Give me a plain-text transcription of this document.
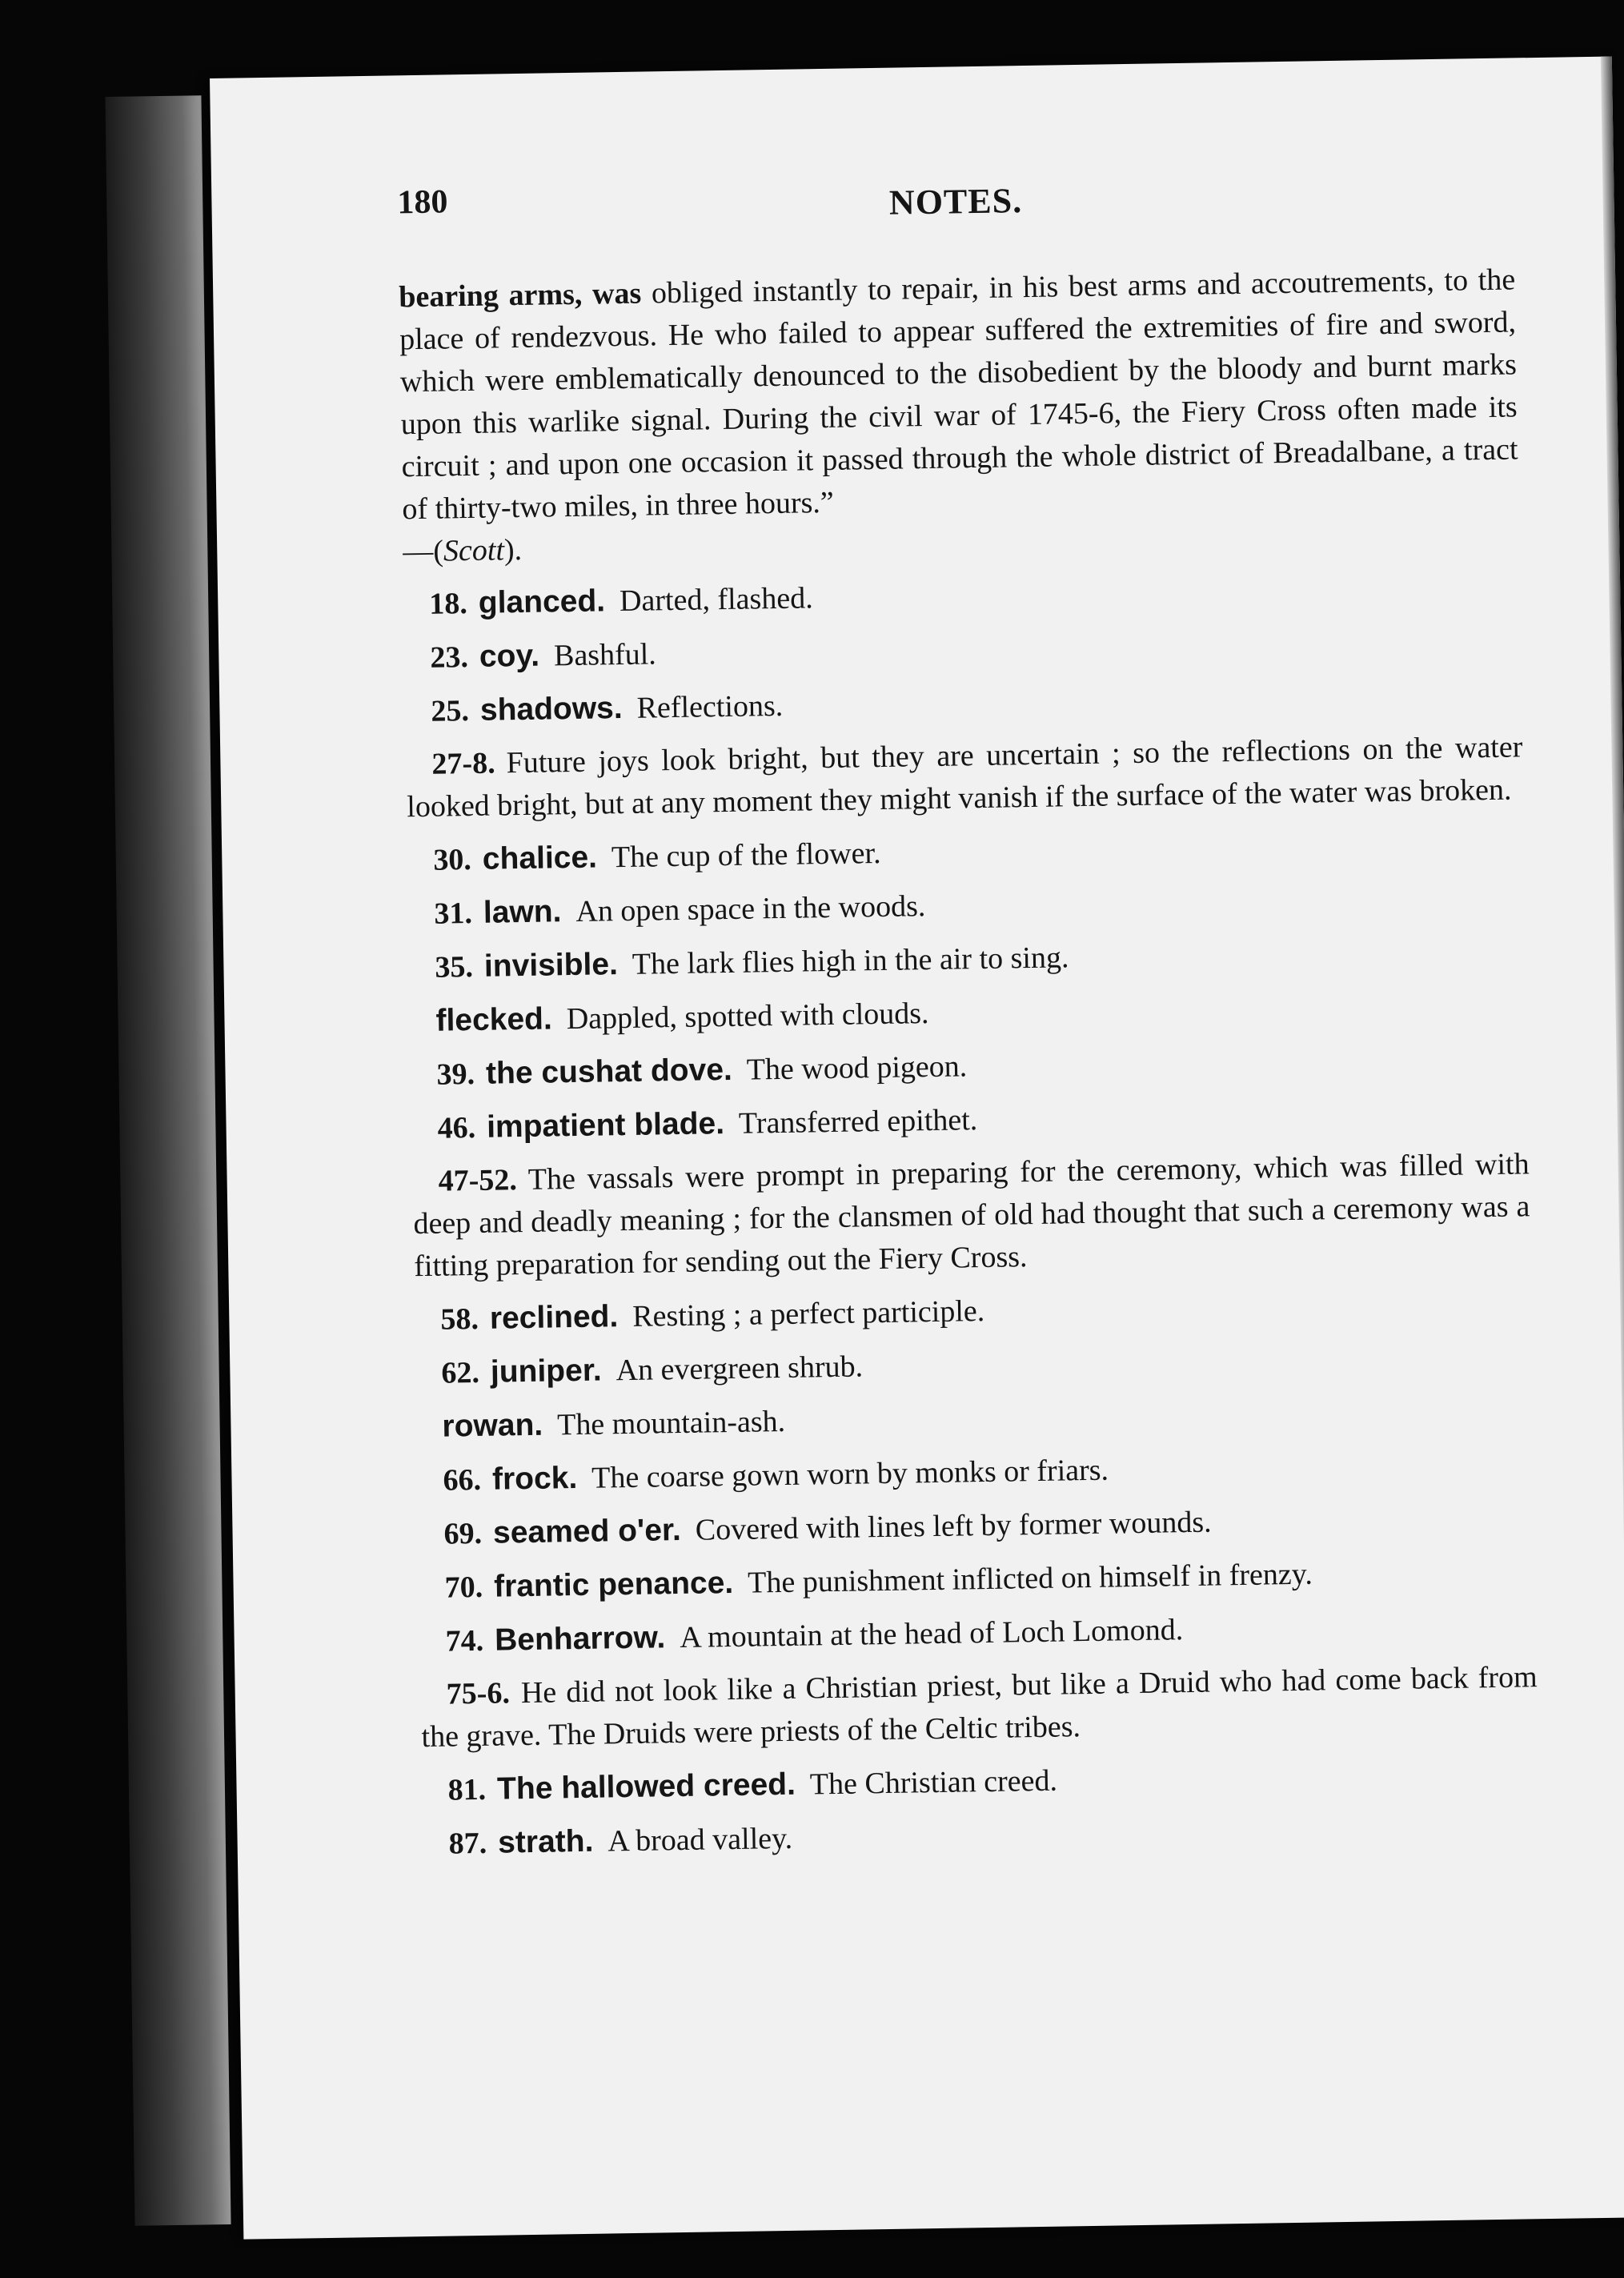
180	NOTES.

bearing arms, was obliged instantly to repair, in his best arms and accoutrements, to the place of rendezvous. He who failed to appear suffered the extremities of fire and sword, which were emblematically denounced to the disobedient by the bloody and burnt marks upon this warlike signal. During the civil war of 1745-6, the Fiery Cross often made its circuit ; and upon one occasion it passed through the whole district of Breadalbane, a tract of thirty-two miles, in three hours.”
—(Scott).

18. glanced. Darted, flashed.

23. coy. Bashful.

25. shadows. Reflections.

27-8. Future joys look bright, but they are uncertain ; so the reflections on the water looked bright, but at any moment they might vanish if the surface of the water was broken.

30. chalice. The cup of the flower.

31. lawn. An open space in the woods.

35. invisible. The lark flies high in the air to sing.

flecked. Dappled, spotted with clouds.

39. the cushat dove. The wood pigeon.

46. impatient blade. Transferred epithet.

47-52. The vassals were prompt in preparing for the ceremony, which was filled with deep and deadly meaning ; for the clansmen of old had thought that such a ceremony was a fitting preparation for sending out the Fiery Cross.

58. reclined. Resting ; a perfect participle.

62. juniper. An evergreen shrub.

rowan. The mountain-ash.

66. frock. The coarse gown worn by monks or friars.

69. seamed o'er. Covered with lines left by former wounds.

70. frantic penance. The punishment inflicted on himself in frenzy.

74. Benharrow. A mountain at the head of Loch Lomond.

75-6. He did not look like a Christian priest, but like a Druid who had come back from the grave. The Druids were priests of the Celtic tribes.

81. The hallowed creed. The Christian creed.

87. strath. A broad valley.
